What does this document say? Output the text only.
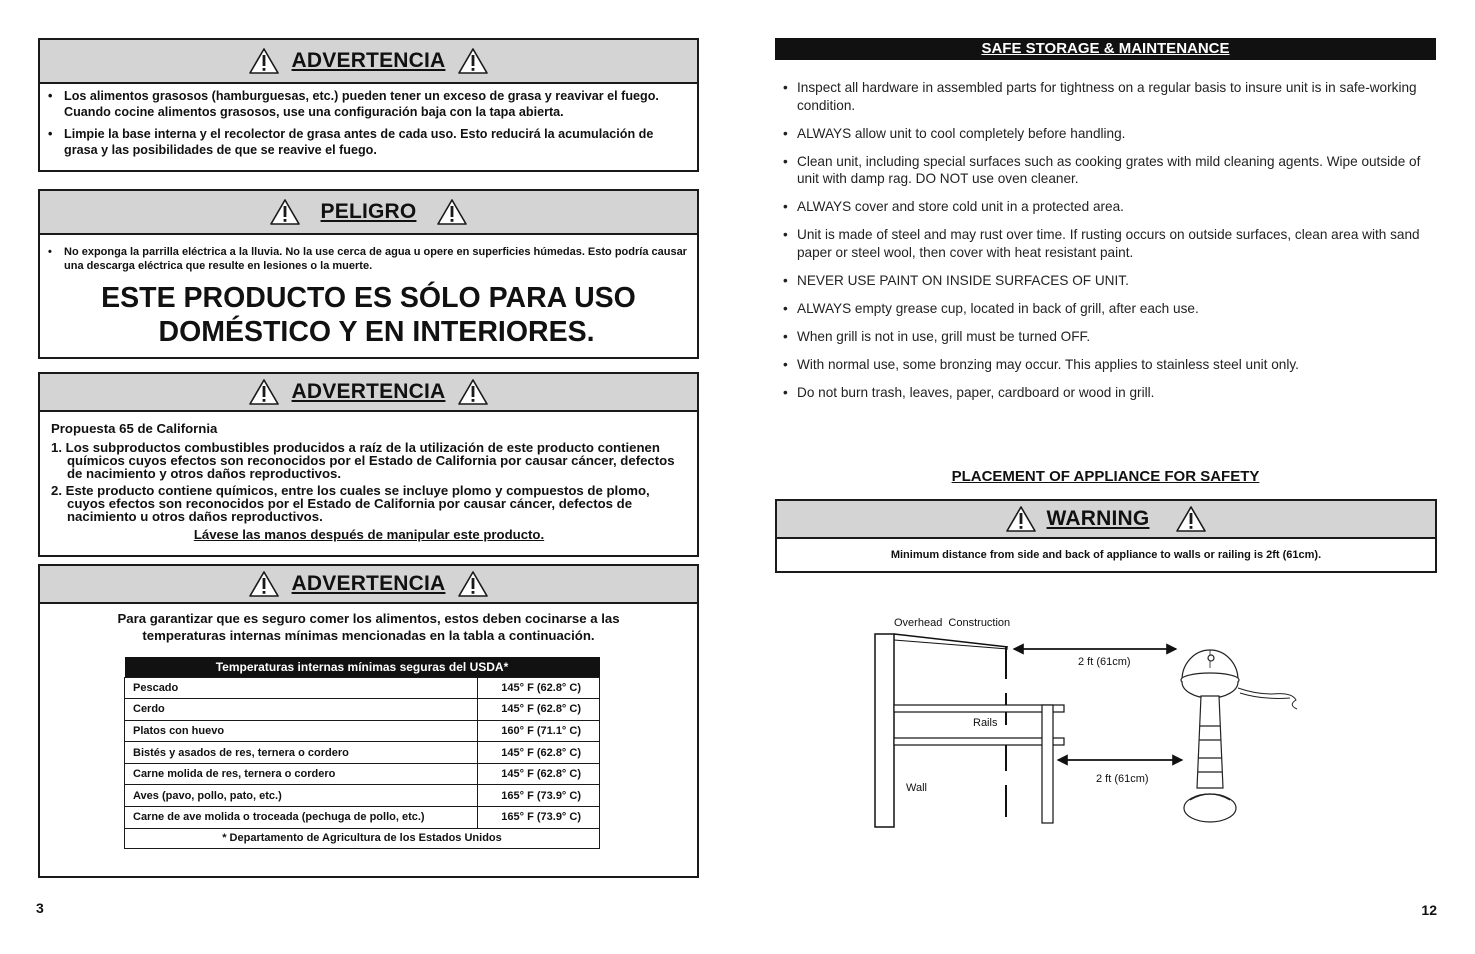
ADVERTENCIA
• Los alimentos grasosos (hamburguesas, etc.) pueden tener un exceso de grasa y reavivar el fuego. Cuando cocine alimentos grasosos, use una configuración baja con la tapa abierta.
• Limpie la base interna y el recolector de grasa antes de cada uso. Esto reducirá la acumulación de grasa y las posibilidades de que se reavive el fuego.
PELIGRO
• No exponga la parrilla eléctrica a la lluvia. No la use cerca de agua u opere en superficies húmedas. Esto podría causar una descarga eléctrica que resulte en lesiones o la muerte.
ESTE PRODUCTO ES SÓLO PARA USO
DOMÉSTICO Y EN INTERIORES.
ADVERTENCIA
Propuesta 65 de California
1. Los subproductos combustibles producidos a raíz de la utilización de este producto contienen químicos cuyos efectos son reconocidos por el Estado de California por causar cáncer, defectos de nacimiento y otros daños reproductivos.
2. Este producto contiene químicos, entre los cuales se incluye plomo y compuestos de plomo, cuyos efectos son reconocidos por el Estado de California por causar cáncer, defectos de nacimiento u otros daños reproductivos.
Lávese las manos después de manipular este producto.
ADVERTENCIA
Para garantizar que es seguro comer los alimentos, estos deben cocinarse a las temperaturas internas mínimas mencionadas en la tabla a continuación.
Temperaturas internas mínimas seguras del USDA*	
Pescado	145° F (62.8° C)
Cerdo	145° F (62.8° C)
Platos con huevo	160° F (71.1° C)
Bistés y asados de res, ternera o cordero	145° F (62.8° C)
Carne molida de res, ternera o cordero	145° F (62.8° C)
Aves (pavo, pollo, pato, etc.)	165° F (73.9° C)
Carne de ave molida o troceada (pechuga de pollo, etc.)	165° F (73.9° C)
* Departamento de Agricultura de los Estados Unidos	
3
SAFE STORAGE & MAINTENANCE
• Inspect all hardware in assembled parts for tightness on a regular basis to insure unit is in safe-working condition.
• ALWAYS allow unit to cool completely before handling.
• Clean unit, including special surfaces such as cooking grates with mild cleaning agents. Wipe outside of unit with damp rag. DO NOT use oven cleaner.
• ALWAYS cover and store cold unit in a protected area.
• Unit is made of steel and may rust over time. If rusting occurs on outside surfaces, clean area with sand paper or steel wool, then cover with heat resistant paint.
• NEVER USE PAINT ON INSIDE SURFACES OF UNIT.
• ALWAYS empty grease cup, located in back of grill, after each use.
• When grill is not in use, grill must be turned OFF.
• With normal use, some bronzing may occur. This applies to stainless steel unit only.
• Do not burn trash, leaves, paper, cardboard or wood in grill.
PLACEMENT OF APPLIANCE FOR SAFETY
WARNING
Minimum distance from side and back of appliance to walls or railing is 2ft (61cm).
Overhead  Construction
2 ft (61cm)
Rails
Wall
2 ft (61cm)
12
